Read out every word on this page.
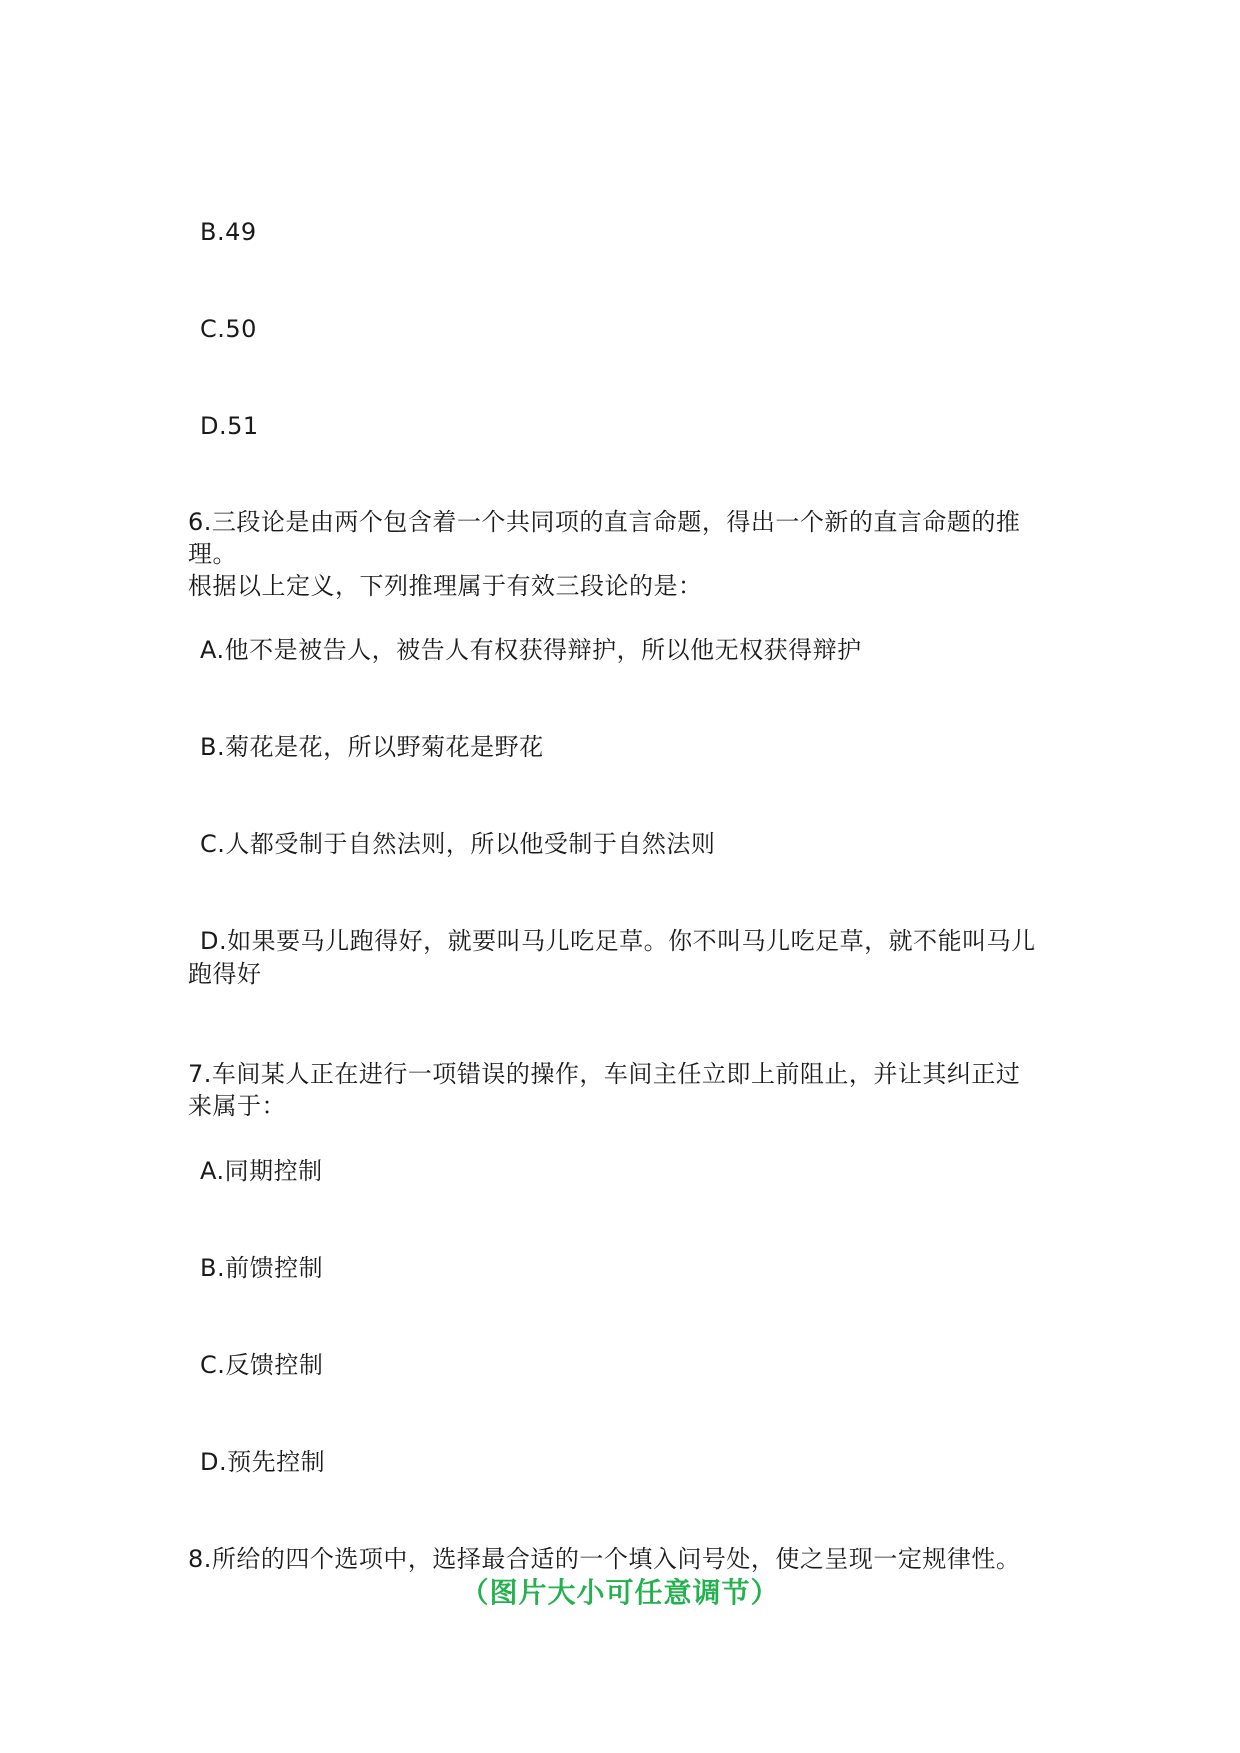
B.49
C.50
D.51
6.三段论是由两个包含着一个共同项的直言命题，得出一个新的直言命题的推
理。
根据以上定义，下列推理属于有效三段论的是：
A.他不是被告人，被告人有权获得辩护，所以他无权获得辩护
B.菊花是花，所以野菊花是野花
C.人都受制于自然法则，所以他受制于自然法则
D.如果要马儿跑得好，就要叫马儿吃足草。你不叫马儿吃足草，就不能叫马儿
跑得好
7.车间某人正在进行一项错误的操作，车间主任立即上前阻止，并让其纠正过
来属于：
A.同期控制
B.前馈控制
C.反馈控制
D.预先控制
8.所给的四个选项中，选择最合适的一个填入问号处，使之呈现一定规律性。
（图片大小可任意调节）
